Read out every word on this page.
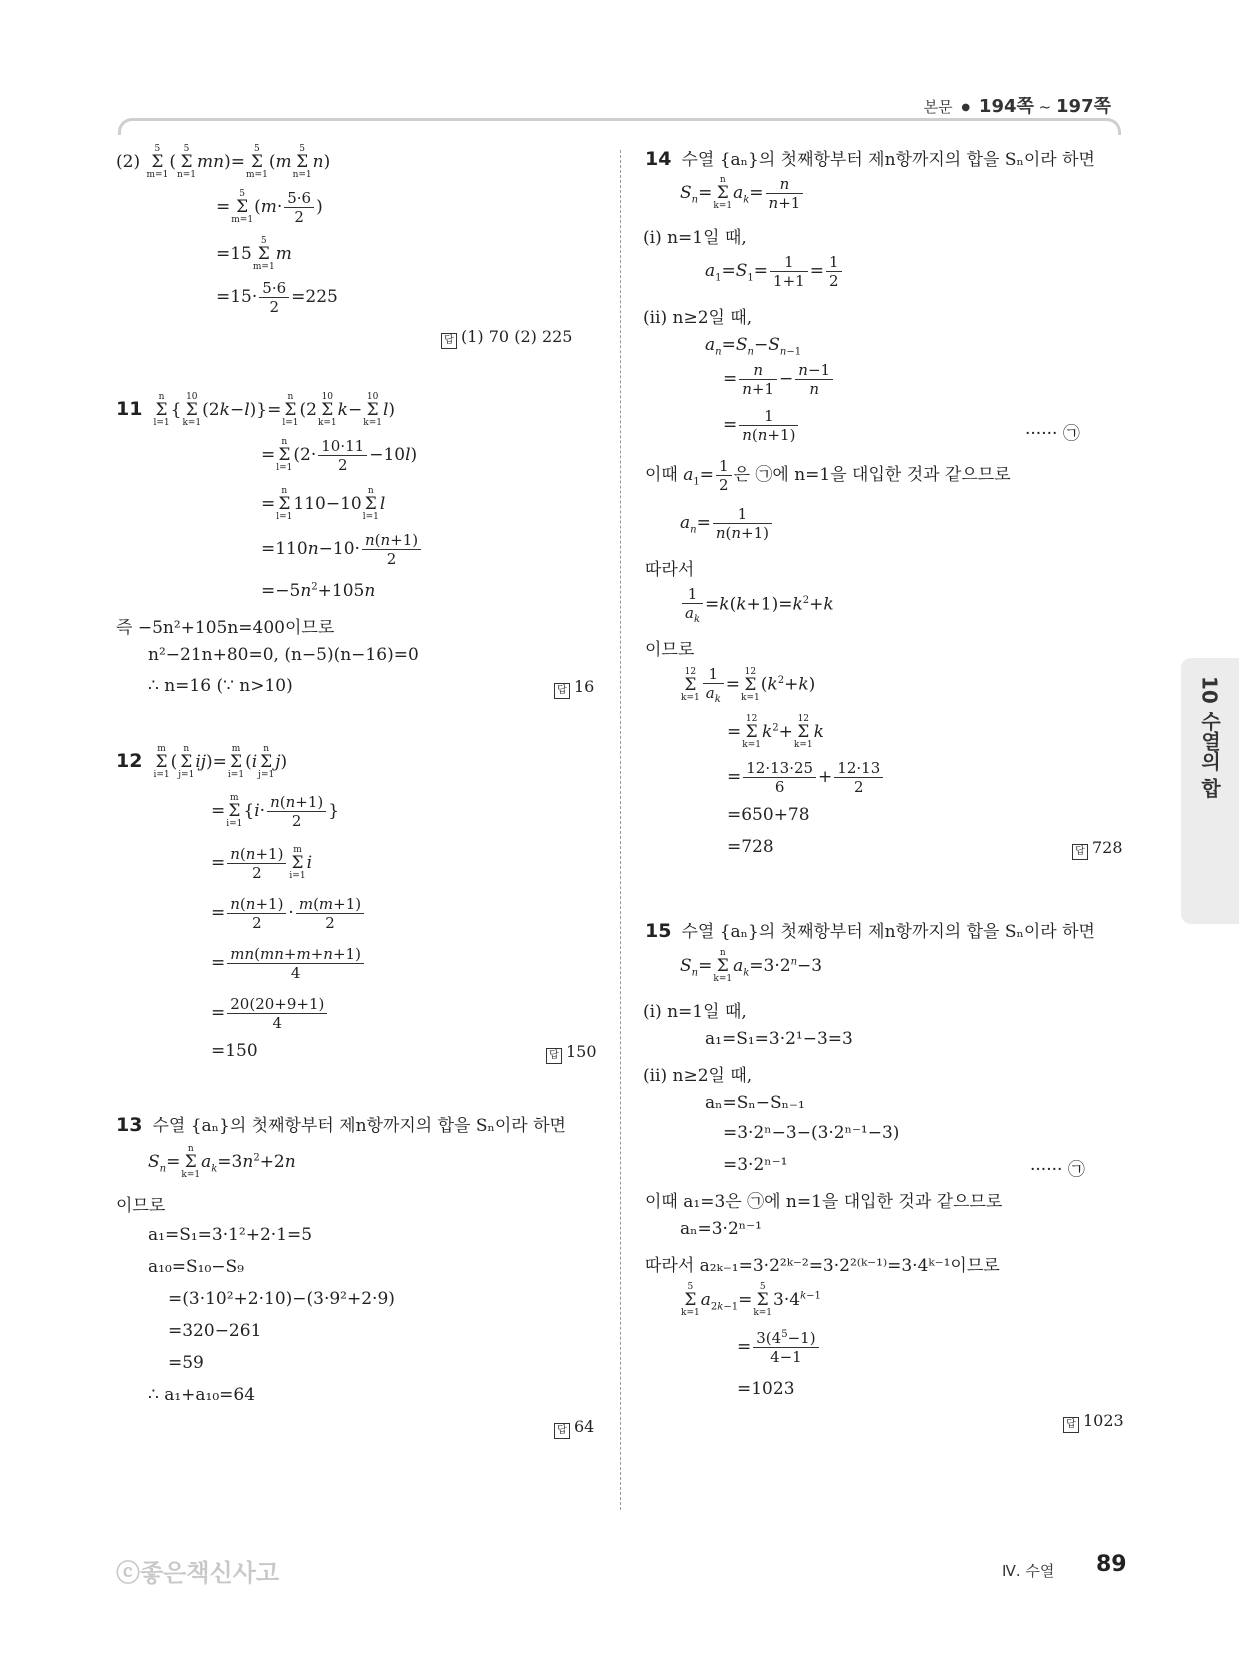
본문 ● 194쪽 ~ 197쪽
10 수열의 합
(2)
5
Σ
m=1
(
5
Σ
n=1
mn)=
5
Σ
m=1
(m
5
Σ
n=1
n)
=
5
Σ
m=1
($m\cdot \frac{5\cdot 6}{2}$ )
=15
5
Σ
m=1
m
$=15\cdot \frac{5\cdot 6}{2} =225$
답 (1) 70 (2) 225
11
n
Σ
l=1
{
10
Σ
k=1
(2k−l)}=
n
Σ
l=1
(2
10
Σ
k=1
k−
10
Σ
k=1
l)
=
n
Σ
l=1
$(2\cdot \frac{10\cdot 11}{2} -10l)$
=
n
Σ
l=1
110−10
n
Σ
l=1
l
$=110n-10\cdot \frac{n(n+1)}{2}$
$=-5n^2+105n$
즉 −5n²+105n=400이므로
n²−21n+80=0, (n−5)(n−16)=0
∴ n=16 (∵ n>10)	답 16
12
m
Σ
i=1
(
n
Σ
j=1
ij)=
m
Σ
i=1
(i
n
Σ
j=1
j)
=
m
Σ
i=1
{$i\cdot \frac{n(n+1)}{2}$ }
= $\frac{n(n+1)}{2}$ m
Σ
i=1
i
= $\frac{n(n+1)}{2} \cdot \frac{m(m+1)}{2}$
= $\frac{mn(mn+m+n+1)}{4}$
= $\frac{20(20+9+1)}{4}$
=150	답 150
13 수열 {aₙ}의 첫째항부터 제n항까지의 합을 Sₙ이라 하면
$S_n=$
n
Σ
k=1
$a_k=3n^2+2n$
이므로
a₁=S₁=3·1²+2·1=5
a₁₀=S₁₀−S₉
=(3·10²+2·10)−(3·9²+2·9)
=320−261
=59
∴ a₁+a₁₀=64
답 64
14 수열 {aₙ}의 첫째항부터 제n항까지의 합을 Sₙ이라 하면
$S_n=$
n
Σ
k=1
$a_k= \frac{n}{n+1}$
(ⅰ) n=1일 때,
$a_1=S_1= \frac{1}{1+1} = \frac{1}{2}$
(ⅱ) n≥2일 때,
$a_n=S_n-S_{n-1}$
= $\frac{n}{n+1} - \frac{n-1}{n}$
= $\frac{1}{n(n+1)}$	······ ㉠
이때 $a_1= \frac{1}{2}$ 은 ㉠에 n=1을 대입한 것과 같으므로
$a_n= \frac{1}{n(n+1)}$
따라서
$\frac{1}{a_k} =k(k+1)=k^2+k$
이므로
12
Σ
$k=1 \frac{1}{a_k}$ =
12
Σ
k=1
$(k^2+k)$
=
12
Σ
k=1
$k^2+$
12
Σ
k=1
k
= $\frac{12\cdot 13\cdot 25}{6} + \frac{12\cdot 13}{2}$
=650+78
=728	답 728
15 수열 {aₙ}의 첫째항부터 제n항까지의 합을 Sₙ이라 하면
$S_n=$
n
Σ
k=1
$a_k=3\cdot 2^n-3$
(ⅰ) n=1일 때,
a₁=S₁=3·2¹−3=3
(ⅱ) n≥2일 때,
aₙ=Sₙ−Sₙ₋₁
=3·2ⁿ−3−(3·2ⁿ⁻¹−3)
=3·2ⁿ⁻¹	······ ㉠
이때 a₁=3은 ㉠에 n=1을 대입한 것과 같으므로
aₙ=3·2ⁿ⁻¹
따라서 a₂ₖ₋₁=3·2²ᵏ⁻²=3·2²⁽ᵏ⁻¹⁾=3·4ᵏ⁻¹이므로
5
Σ
k=1
$a_{2k-1}=$
5
Σ
k=1
$3\cdot 4^{k-1}$
= $\frac{3(4^5-1)}{4-1}$
=1023
답 1023
ⓒ좋은책신사고	Ⅳ. 수열 89
